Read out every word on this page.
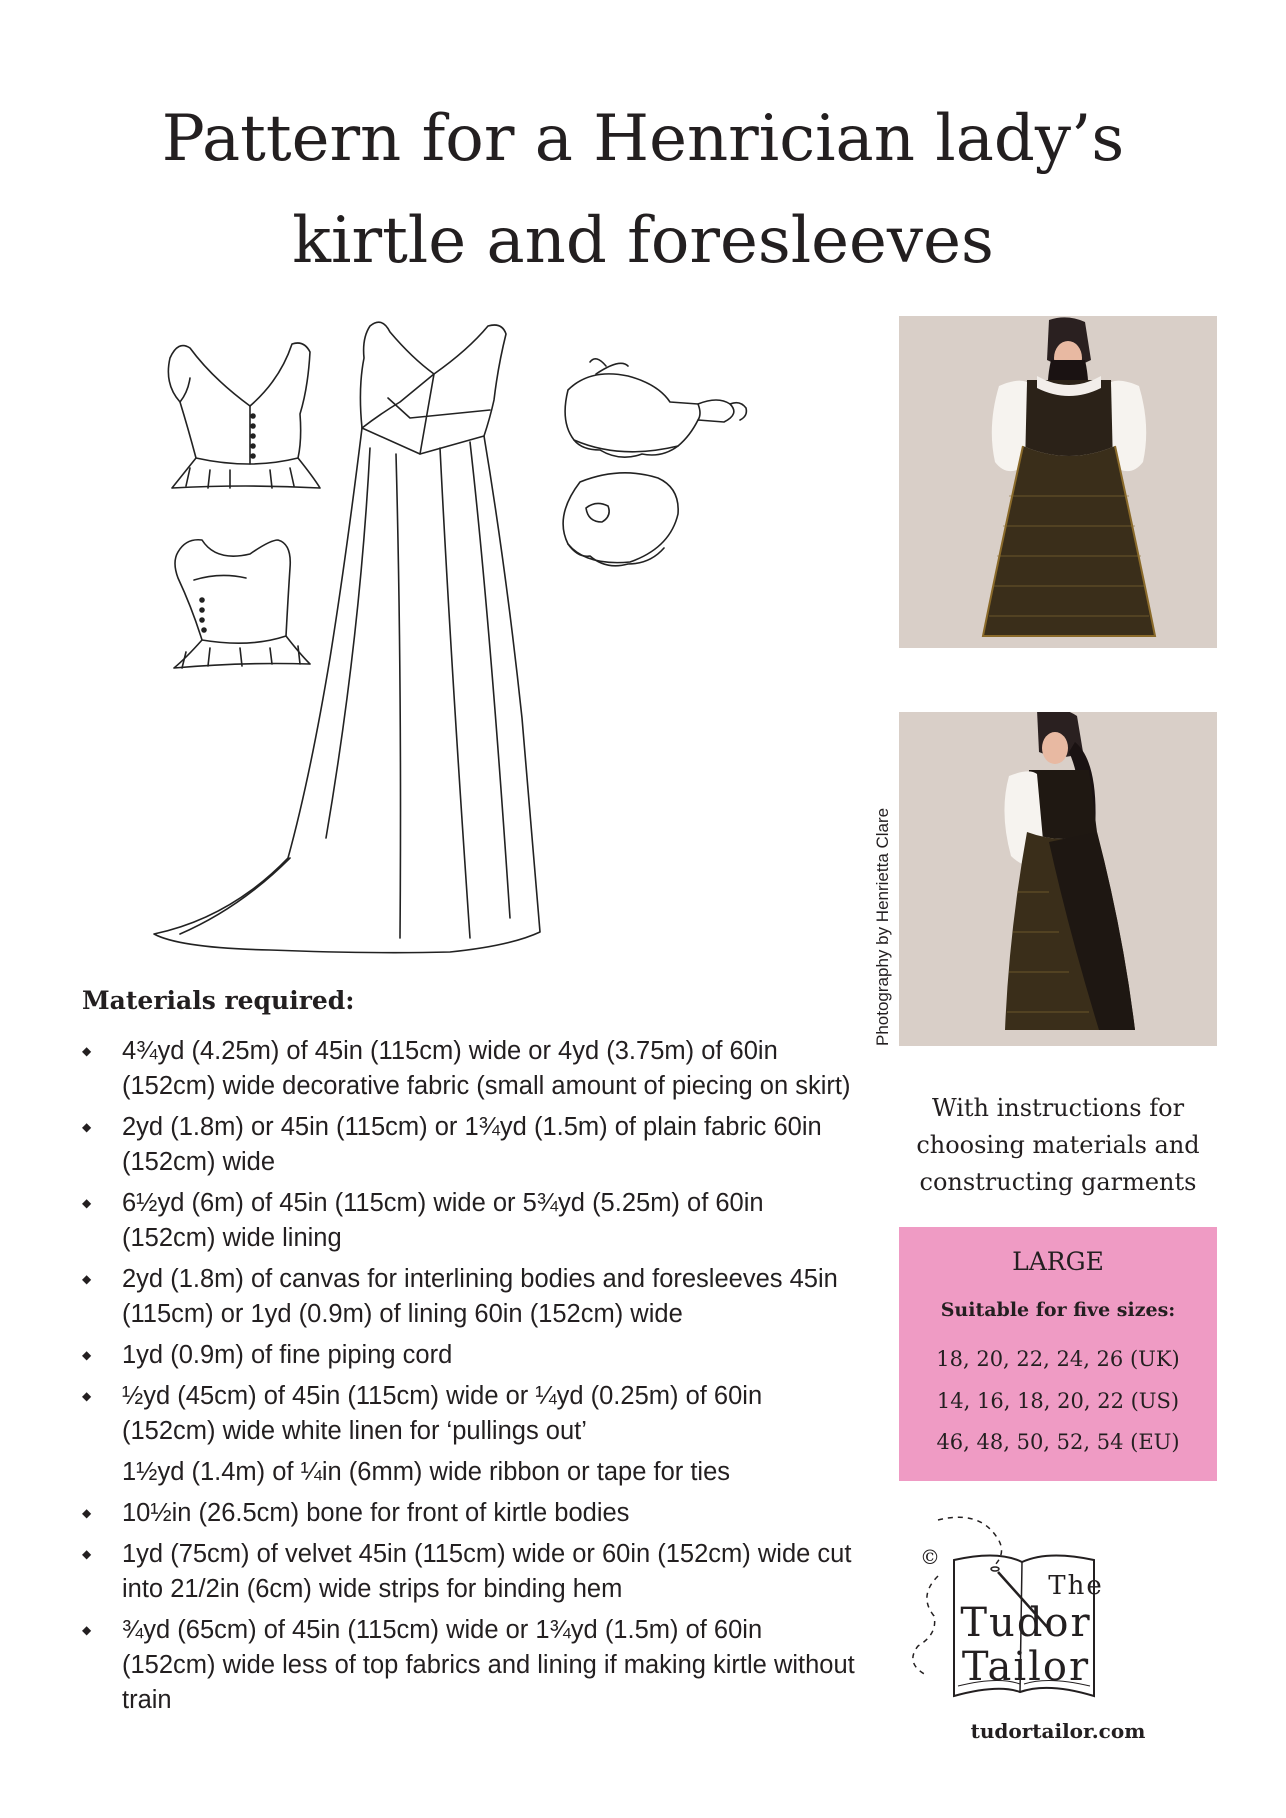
Pattern for a Henrician lady’s
kirtle and foresleeves
Photography by Henrietta Clare
Materials required:
◆ 4¾yd (4.25m) of 45in (115cm) wide or 4yd (3.75m) of 60in (152cm) wide decorative fabric (small amount of piecing on skirt)
◆ 2yd (1.8m) or 45in (115cm) or 1¾yd (1.5m) of plain fabric 60in (152cm) wide
◆ 6½yd (6m) of 45in (115cm) wide or 5¾yd (5.25m) of 60in (152cm) wide lining
◆ 2yd (1.8m) of canvas for interlining bodies and foresleeves 45in (115cm) or 1yd (0.9m) of lining 60in (152cm) wide
◆ 1yd (0.9m) of fine piping cord
◆ ½yd (45cm) of 45in (115cm) wide or ¼yd (0.25m) of 60in (152cm) wide white linen for ‘pullings out’
1½yd (1.4m) of ¼in (6mm) wide ribbon or tape for ties
◆ 10½in (26.5cm) bone for front of kirtle bodies
◆ 1yd (75cm) of velvet 45in (115cm) wide or 60in (152cm) wide cut into 21/2in (6cm) wide strips for binding hem
◆ ¾yd (65cm) of 45in (115cm) wide or 1¾yd (1.5m) of 60in (152cm) wide less of top fabrics and lining if making kirtle without train
With instructions for
choosing materials and
constructing garments
LARGE
Suitable for five sizes:
18, 20, 22, 24, 26 (UK)
14, 16, 18, 20, 22 (US)
46, 48, 50, 52, 54 (EU)
©
The
Tudor
Tailor
tudortailor.com
